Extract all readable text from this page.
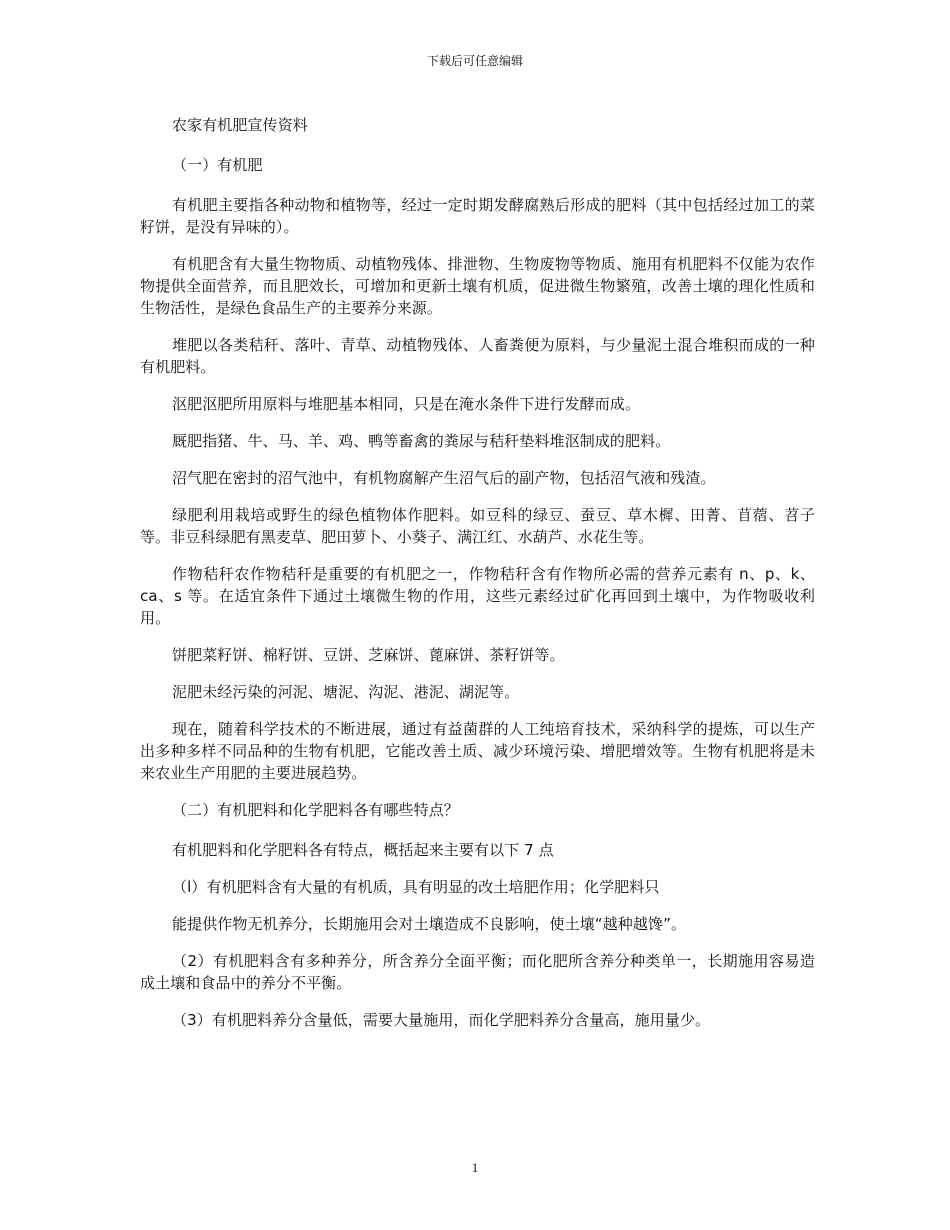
下载后可任意编辑

农家有机肥宣传资料

（一）有机肥

有机肥主要指各种动物和植物等，经过一定时期发酵腐熟后形成的肥料（其中包括经过加工的菜籽饼，是没有异味的）。

有机肥含有大量生物物质、动植物残体、排泄物、生物废物等物质、施用有机肥料不仅能为农作物提供全面营养，而且肥效长，可增加和更新土壤有机质，促进微生物繁殖，改善土壤的理化性质和生物活性，是绿色食品生产的主要养分来源。

堆肥以各类秸秆、落叶、青草、动植物残体、人畜粪便为原料，与少量泥土混合堆积而成的一种有机肥料。

沤肥沤肥所用原料与堆肥基本相同，只是在淹水条件下进行发酵而成。

厩肥指猪、牛、马、羊、鸡、鸭等畜禽的粪尿与秸秆垫料堆沤制成的肥料。

沼气肥在密封的沼气池中，有机物腐解产生沼气后的副产物，包括沼气液和残渣。

绿肥利用栽培或野生的绿色植物体作肥料。如豆科的绿豆、蚕豆、草木樨、田菁、苜蓿、苕子等。非豆科绿肥有黑麦草、肥田萝卜、小葵子、满江红、水葫芦、水花生等。

作物秸秆农作物秸秆是重要的有机肥之一，作物秸秆含有作物所必需的营养元素有 n、p、k、ca、s 等。在适宜条件下通过土壤微生物的作用，这些元素经过矿化再回到土壤中，为作物吸收利用。

饼肥菜籽饼、棉籽饼、豆饼、芝麻饼、蓖麻饼、茶籽饼等。

泥肥未经污染的河泥、塘泥、沟泥、港泥、湖泥等。

现在，随着科学技术的不断进展，通过有益菌群的人工纯培育技术，采纳科学的提炼，可以生产出多种多样不同品种的生物有机肥，它能改善土质、减少环境污染、增肥增效等。生物有机肥将是未来农业生产用肥的主要进展趋势。

（二）有机肥料和化学肥料各有哪些特点？

有机肥料和化学肥料各有特点，概括起来主要有以下 7 点

（l）有机肥料含有大量的有机质，具有明显的改土培肥作用；化学肥料只

能提供作物无机养分，长期施用会对土壤造成不良影响，使土壤“越种越馋”。

（2）有机肥料含有多种养分，所含养分全面平衡；而化肥所含养分种类单一，长期施用容易造成土壤和食品中的养分不平衡。

（3）有机肥料养分含量低，需要大量施用，而化学肥料养分含量高，施用量少。

1
